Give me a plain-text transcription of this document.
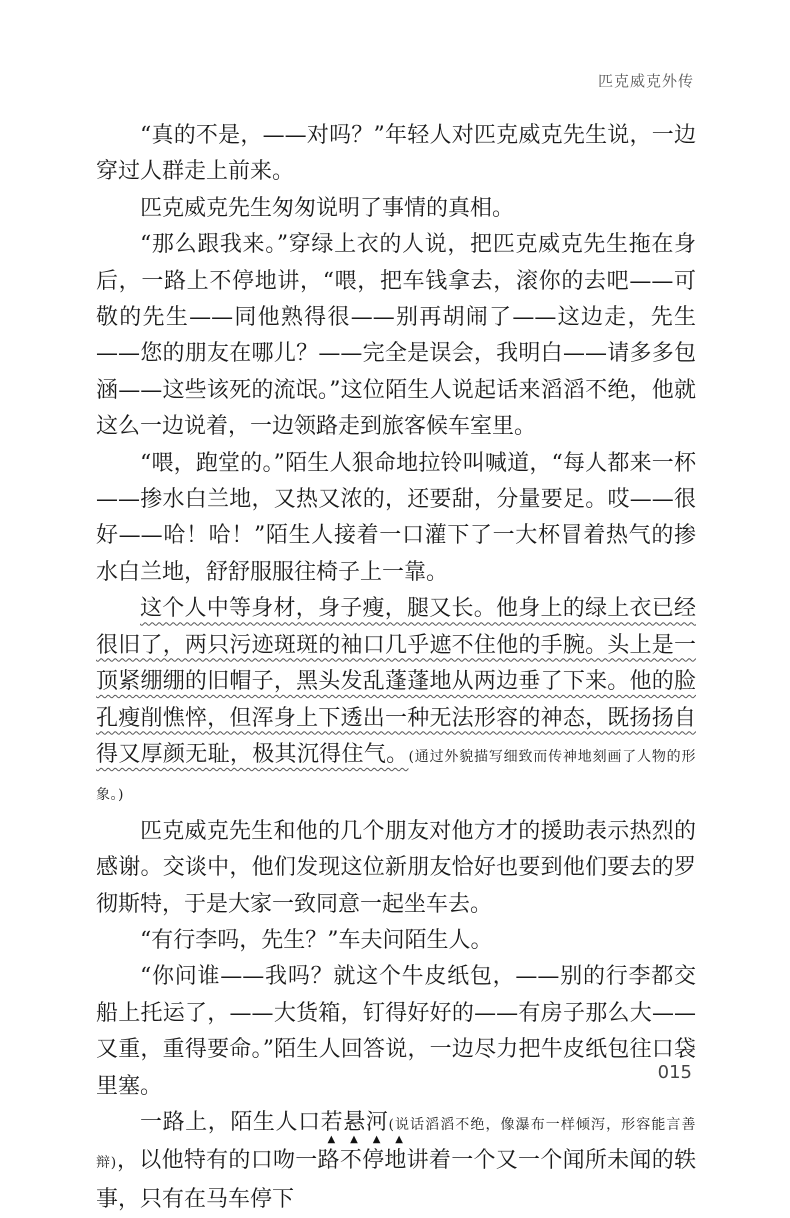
匹克威克外传

“真的不是，——对吗？”年轻人对匹克威克先生说，一边穿过人群走上前来。

匹克威克先生匆匆说明了事情的真相。

“那么跟我来。”穿绿上衣的人说，把匹克威克先生拖在身后，一路上不停地讲，“喂，把车钱拿去，滚你的去吧——可敬的先生——同他熟得很——别再胡闹了——这边走，先生——您的朋友在哪儿？——完全是误会，我明白——请多多包涵——这些该死的流氓。”这位陌生人说起话来滔滔不绝，他就这么一边说着，一边领路走到旅客候车室里。

“喂，跑堂的。”陌生人狠命地拉铃叫喊道，“每人都来一杯——掺水白兰地，又热又浓的，还要甜，分量要足。哎——很好——哈！哈！”陌生人接着一口灌下了一大杯冒着热气的掺水白兰地，舒舒服服往椅子上一靠。

这个人中等身材，身子瘦，腿又长。他身上的绿上衣已经很旧了，两只污迹斑斑的袖口几乎遮不住他的手腕。头上是一顶紧绷绷的旧帽子，黑头发乱蓬蓬地从两边垂了下来。他的脸孔瘦削憔悴，但浑身上下透出一种无法形容的神态，既扬扬自得又厚颜无耻，极其沉得住气。(通过外貌描写细致而传神地刻画了人物的形象。)

匹克威克先生和他的几个朋友对他方才的援助表示热烈的感谢。交谈中，他们发现这位新朋友恰好也要到他们要去的罗彻斯特，于是大家一致同意一起坐车去。

“有行李吗，先生？”车夫问陌生人。

“你问谁——我吗？就这个牛皮纸包，——别的行李都交船上托运了，——大货箱，钉得好好的——有房子那么大——又重，重得要命。”陌生人回答说，一边尽力把牛皮纸包往口袋里塞。

一路上，陌生人口
▲
若
▲
悬
▲
河
▲
(说话滔滔不绝，像瀑布一样倾泻，形容能言善辩)，以他特有的口吻一路不停地讲着一个又一个闻所未闻的轶事，只有在马车停下

015
